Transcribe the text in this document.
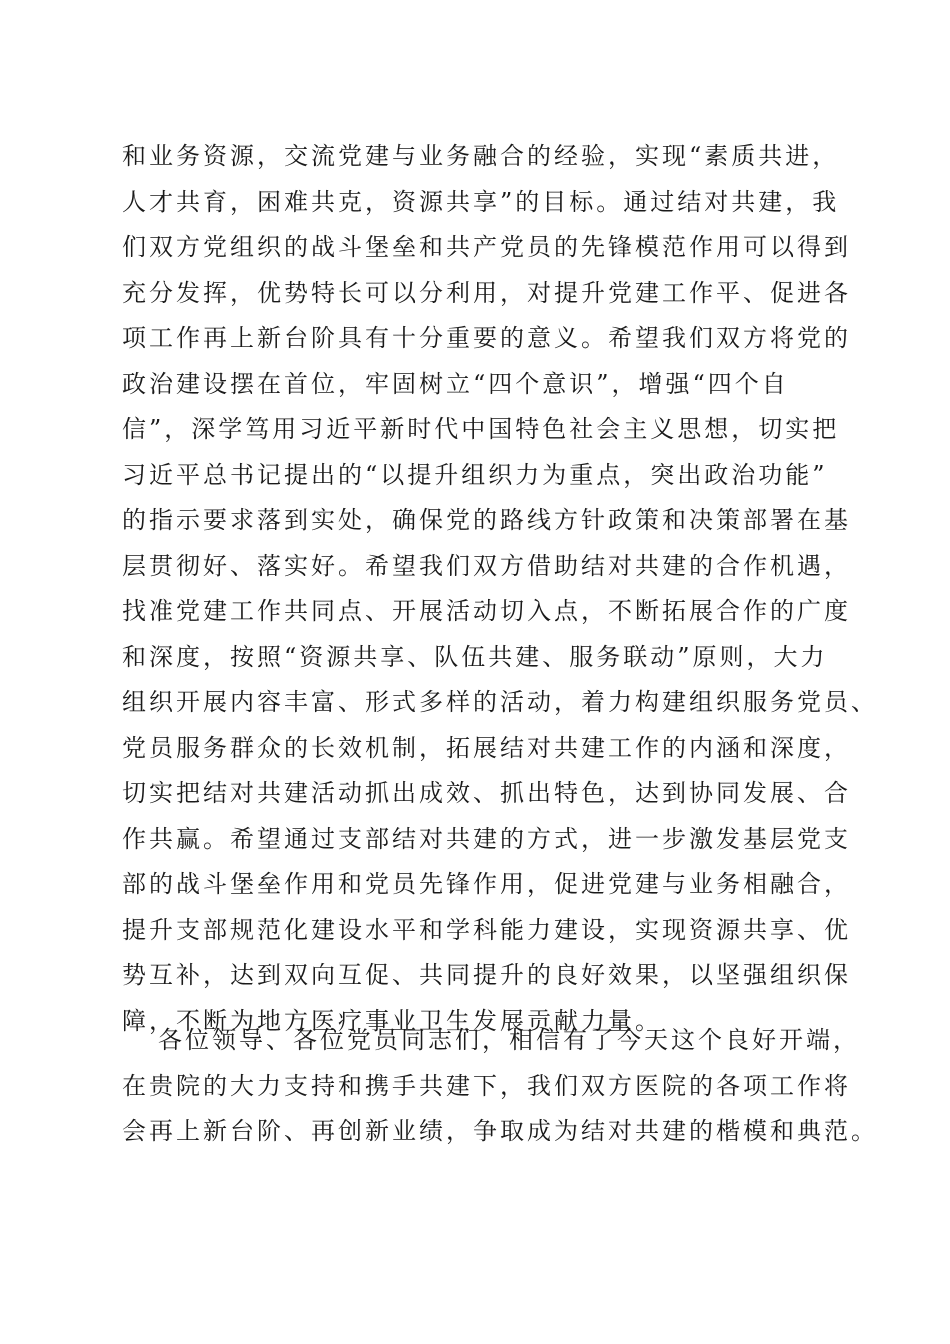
和业务资源，交流党建与业务融合的经验，实现“素质共进，
人才共育，困难共克，资源共享”的目标。通过结对共建，我
们双方党组织的战斗堡垒和共产党员的先锋模范作用可以得到
充分发挥，优势特长可以分利用，对提升党建工作平、促进各
项工作再上新台阶具有十分重要的意义。希望我们双方将党的
政治建设摆在首位，牢固树立“四个意识”，增强“四个自
信”，深学笃用习近平新时代中国特色社会主义思想，切实把
习近平总书记提出的“以提升组织力为重点，突出政治功能”
的指示要求落到实处，确保党的路线方针政策和决策部署在基
层贯彻好、落实好。希望我们双方借助结对共建的合作机遇，
找准党建工作共同点、开展活动切入点，不断拓展合作的广度
和深度，按照“资源共享、队伍共建、服务联动”原则，大力
组织开展内容丰富、形式多样的活动，着力构建组织服务党员、
党员服务群众的长效机制，拓展结对共建工作的内涵和深度，
切实把结对共建活动抓出成效、抓出特色，达到协同发展、合
作共赢。希望通过支部结对共建的方式，进一步激发基层党支
部的战斗堡垒作用和党员先锋作用，促进党建与业务相融合，
提升支部规范化建设水平和学科能力建设，实现资源共享、优
势互补，达到双向互促、共同提升的良好效果，以坚强组织保
障，不断为地方医疗事业卫生发展贡献力量。
各位领导、各位党员同志们，相信有了今天这个良好开端，
在贵院的大力支持和携手共建下，我们双方医院的各项工作将
会再上新台阶、再创新业绩，争取成为结对共建的楷模和典范。
